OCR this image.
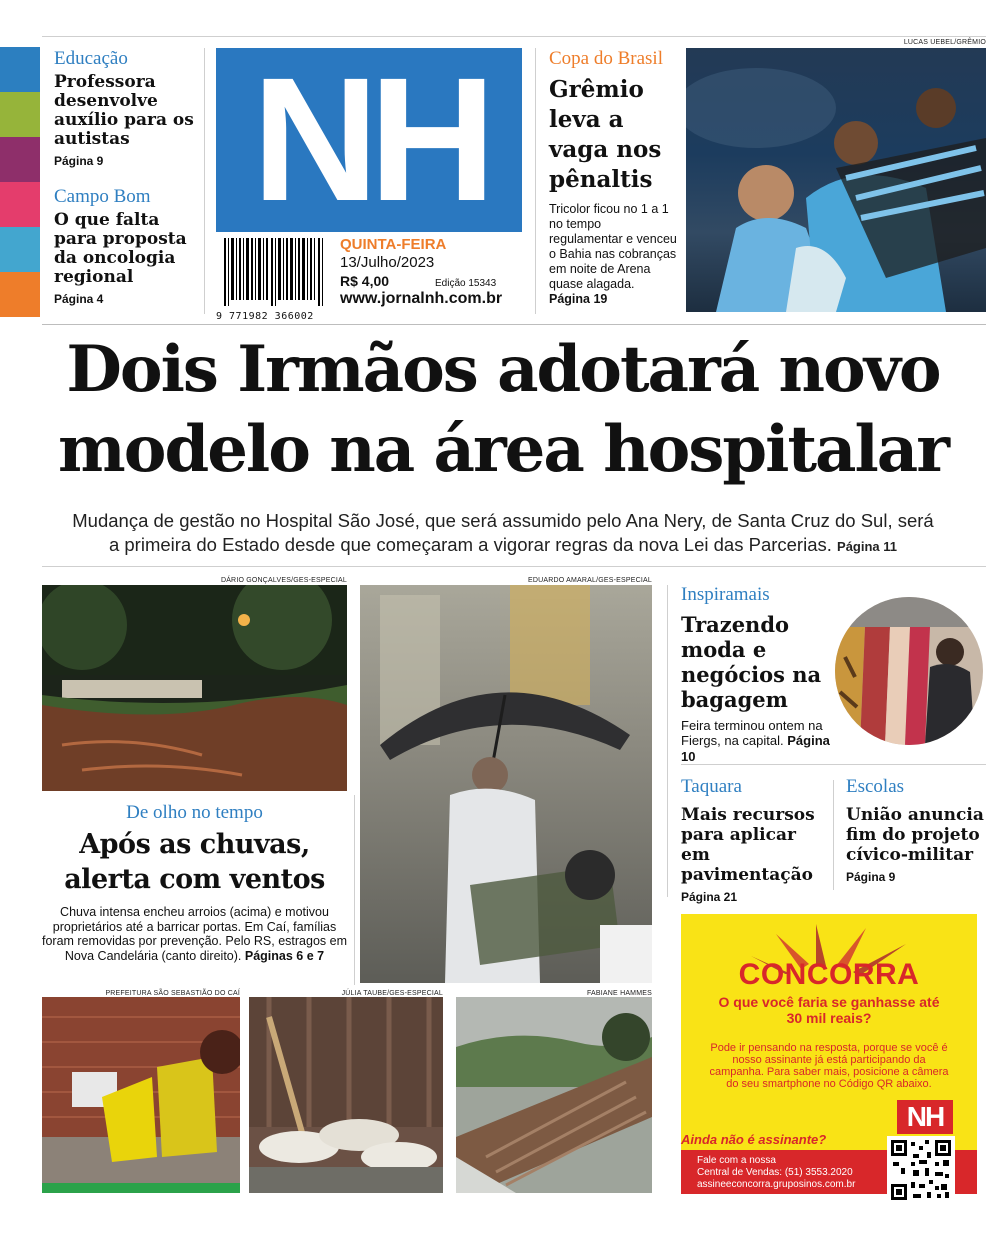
Educação
Professora desenvolve auxílio para os autistas
Página 9
Campo Bom
O que falta para proposta da oncologia regional
Página 4
NH
9 771982 366002
QUINTA-FEIRA
13/Julho/2023
R$ 4,00	Edição 15343
www.jornalnh.com.br
Copa do Brasil
Grêmio leva a vaga nos pênaltis
Tricolor ficou no 1 a 1 no tempo regulamentar e venceu o Bahia nas cobranças em noite de Arena quase alagada. Página 19
LUCAS UEBEL/GRÊMIO
Dois Irmãos adotará novo
modelo na área hospitalar
Mudança de gestão no Hospital São José, que será assumido pelo Ana Nery, de Santa Cruz do Sul, será
a primeira do Estado desde que começaram a vigorar regras da nova Lei das Parcerias. Página 11
DÁRIO GONÇALVES/GES-ESPECIAL	EDUARDO AMARAL/GES-ESPECIAL
De olho no tempo
Após as chuvas,
alerta com ventos
Chuva intensa encheu arroios (acima) e motivou proprietários até a barricar portas. Em Caí, famílias foram removidas por prevenção. Pelo RS, estragos em Nova Candelária (canto direito). Páginas 6 e 7
PREFEITURA SÃO SEBASTIÃO DO CAÍ	JÚLIA TAUBE/GES-ESPECIAL	FABIANE HAMMES
Inspiramais
Trazendo moda e negócios na bagagem
Feira terminou ontem na Fiergs, na capital. Página 10
Taquara
Mais recursos para aplicar em pavimentação
Página 21
Escolas
União anuncia fim do projeto cívico-militar
Página 9
CONCORRA
O que você faria se ganhasse até 30 mil reais?
Pode ir pensando na resposta, porque se você é nosso assinante já está participando da campanha. Para saber mais, posicione a câmera do seu smartphone no Código QR abaixo.
NH
Ainda não é assinante?
Fale com a nossa
Central de Vendas: (51) 3553.2020
assineeconcorra.gruposinos.com.br
